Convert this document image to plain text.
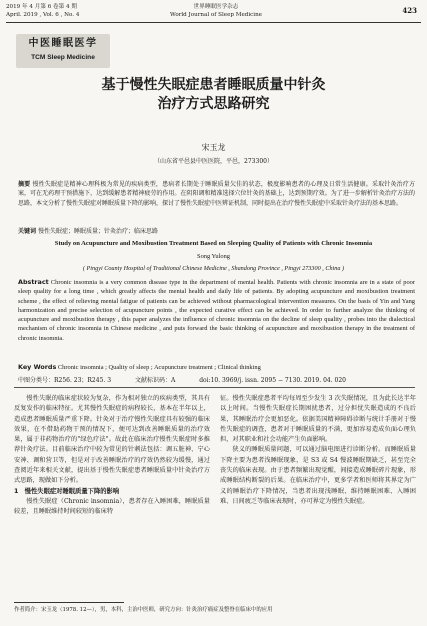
2019 年 4 月第 6 卷第 4 期
April. 2019 , Vol. 6 , No. 4
世界睡眠医学杂志
World Journal of Sleep Medicine	423
中医睡眠医学
TCM Sleep Medicine
基于慢性失眠症患者睡眠质量中针灸
治疗方式思路研究
宋玉龙
（山东省平邑县中医医院，平邑，273300）
摘要 慢性失眠症是精神心理科极为常见的疾病类型，患病者长期处于睡眠质量欠佳的状态，极度影响患者的心理及日常生活健康。采取针灸治疗方案，可在无药理干预措施下，达到缓解患者精神疲劳的作用。在阴阳调和精准选择穴位针灸的基础上，达到预期疗效。为了进一步解析针灸治疗方法的思路，本文分析了慢性失眠症对睡眠质量下降的影响，探讨了慢性失眠症中医辨证机制，同时提出在治疗慢性失眠症中采取针灸疗法的基本思路。
关键词 慢性失眠症；睡眠质量；针灸治疗；临床思路
Study on Acupuncture and Moxibustion Treatment Based on Sleeping Quality of Patients with Chronic Insomnia
Song Yulong
( Pingyi County Hospital of Traditional Chinese Medicine , Shandong Province , Pingyi 273300 , China )
Abstract Chronic insomnia is a very common disease type in the department of mental health. Patients with chronic insomnia are in a state of poor sleep quality for a long time , which greatly affects the mental health and daily life of patients. By adopting acupuncture and moxibustion treatment scheme , the effect of relieving mental fatigue of patients can be achieved without pharmacological intervention measures. On the basis of Yin and Yang harmonization and precise selection of acupuncture points , the expected curative effect can be achieved. In order to further analyze the thinking of acupuncture and moxibustion therapy , this paper analyzes the influence of chronic insomnia on the decline of sleep quality , probes into the dialectical mechanism of chronic insomnia in Chinese medicine , and puts forward the basic thinking of acupuncture and moxibustion therapy in the treatment of chronic insomnia.
Key Words Chronic insomnia ; Quality of sleep ; Acupuncture treatment ; Clinical thinking
中图分类号：R256. 23；R245. 3	文献标识码：A	doi:10. 3969/j. issn. 2095 − 7130. 2019. 04. 020

慢性失眠的临床症状较为复杂，作为相对独立的疾病类型，其具有反复发作的临床特征。尤其慢性失眠症的病程较长，基本在半年以上，造成患者睡眠质量严重下降。针灸对于治疗慢性失眠症具有较强的临床效果，在不借助药物干预的情况下，便可达到改善睡眠质量的治疗效果，属于非药物治疗的"绿色疗法"。故此在临床治疗慢性失眠症时多推荐针灸疗法。目前临床治疗中较为常见的针刺法包括：调五脏神、宁心安神、调和营卫等，但是对于改善睡眠治疗的疗效仍然较为缓慢，通过查阅近年来相关文献，提出基于慢性失眠症患者睡眠质量中针灸治疗方式思路，现做如下分析。

1　慢性失眠症对睡眠质量下降的影响

慢性失眠症（Chronic insomnia），患者存在入睡困难，睡眠质量较差，且睡眠维持时间较短的临床特

征。慢性失眠症患者平均每周至少发生 3 次失眠情况，且为此长达半年以上时间。当慢性失眠症长期困扰患者，过分担忧失眠造成的不良后果，其睡眠治疗会更加恶化。依据美国精神障碍诊断与统计手册对于慢性失眠症的调查，患者对于睡眠质量的不满，更加容易造成负面心理负担，对其职业和社会功能产生负面影响。

狭义的睡眠质量问题，可以通过脑电图进行诊断分析。而睡眠质量下降主要为患者浅睡眠现象，是 S3 或 S4 慢波睡眠期缺乏，甚至完全丧失的临床表现。由于患者频繁出现觉醒，间接造成睡眠碎片现象，形成睡眠结构断裂的后果。在临床治疗中，更多学者和医师将其界定为广义的睡眠治疗下降情况，当患者出现浅睡眠、维持睡眠困难、入睡困难、日间疲乏等临床表现时，亦可界定为慢性失眠症。

作者简介：宋玉龙（1978. 12—），男，本科，主治中医师，研究方向：针灸治疗痛症及整脊在临床中的应用
